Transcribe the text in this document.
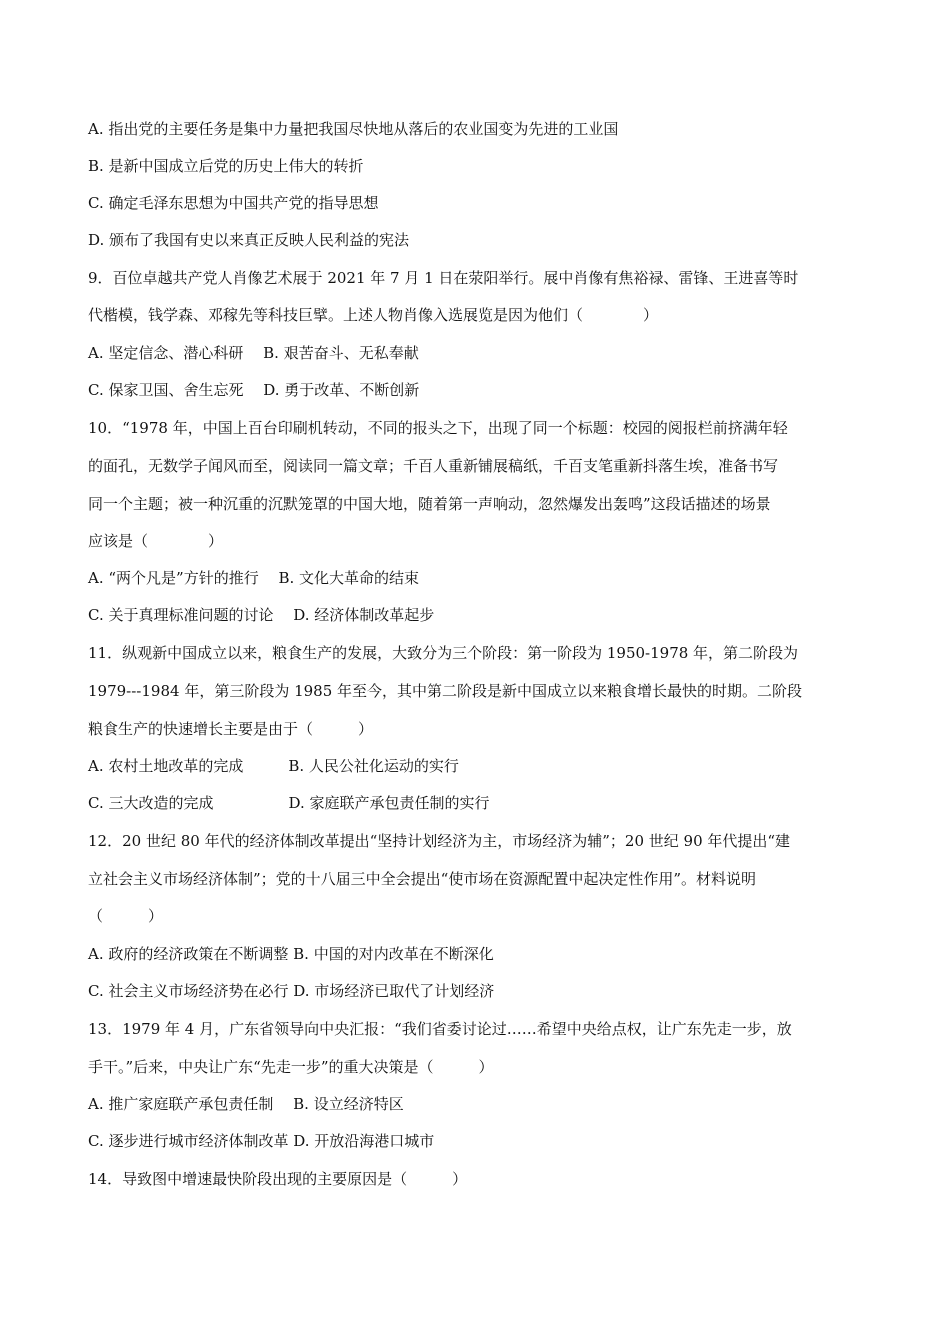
A. 指出党的主要任务是集中力量把我国尽快地从落后的农业国变为先进的工业国
B. 是新中国成立后党的历史上伟大的转折
C. 确定毛泽东思想为中国共产党的指导思想
D. 颁布了我国有史以来真正反映人民利益的宪法
9．百位卓越共产党人肖像艺术展于 2021 年 7 月 1 日在荥阳举行。展中肖像有焦裕禄、雷锋、王进喜等时
代楷模，钱学森、邓稼先等科技巨擘。上述人物肖像入选展览是因为他们（　　　　）
A. 坚定信念、潜心科研　 B. 艰苦奋斗、无私奉献
C. 保家卫国、舍生忘死　 D. 勇于改革、不断创新
10．“1978 年，中国上百台印刷机转动，不同的报头之下，出现了同一个标题：校园的阅报栏前挤满年轻
的面孔，无数学子闻风而至，阅读同一篇文章；千百人重新铺展稿纸，千百支笔重新抖落生埃，准备书写
同一个主题；被一种沉重的沉默笼罩的中国大地，随着第一声响动，忽然爆发出轰鸣”这段话描述的场景
应该是（　　　　）
A. “两个凡是”方针的推行　 B. 文化大革命的结束
C. 关于真理标准问题的讨论　 D. 经济体制改革起步
11．纵观新中国成立以来，粮食生产的发展，大致分为三个阶段：第一阶段为 1950-1978 年，第二阶段为
1979---1984 年，第三阶段为 1985 年至今，其中第二阶段是新中国成立以来粮食增长最快的时期。二阶段
粮食生产的快速增长主要是由于（　　　）
A. 农村土地改革的完成　　　B. 人民公社化运动的实行
C. 三大改造的完成　　　　　D. 家庭联产承包责任制的实行
12．20 世纪 80 年代的经济体制改革提出“坚持计划经济为主，市场经济为辅”；20 世纪 90 年代提出“建
立社会主义市场经济体制”；党的十八届三中全会提出“使市场在资源配置中起决定性作用”。材料说明
（　　　）
A. 政府的经济政策在不断调整 B. 中国的对内改革在不断深化
C. 社会主义市场经济势在必行 D. 市场经济已取代了计划经济
13．1979 年 4 月，广东省领导向中央汇报：“我们省委讨论过……希望中央给点权，让广东先走一步，放
手干。”后来，中央让广东“先走一步”的重大决策是（　　　）
A. 推广家庭联产承包责任制　 B. 设立经济特区
C. 逐步进行城市经济体制改革 D. 开放沿海港口城市
14．导致图中增速最快阶段出现的主要原因是（　　　）
